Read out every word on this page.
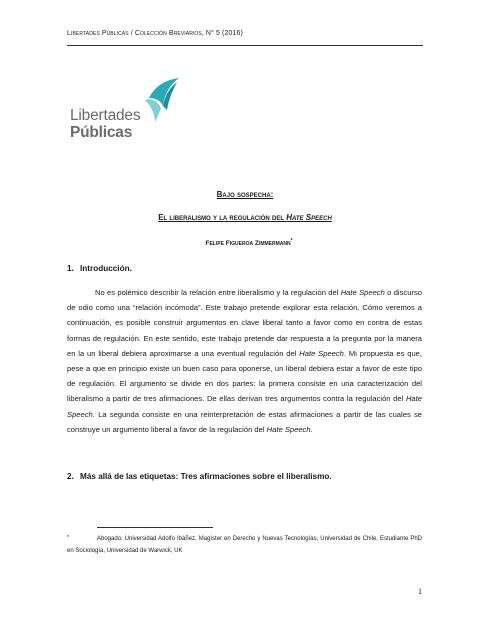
Libertades Públicas / Colección Breviarios, N° 5 (2016)
Libertades
Públicas
Bajo sospecha:
El liberalismo y la regulación del Hate Speech
Felipe Figueroa Zimmermann*
1. Introducción.

No es polémico describir la relación entre liberalismo y la regulación del Hate Speech o discurso de odio como una “relación incómoda”. Este trabajo pretende explorar esta relación. Cómo veremos a continuación, es posible construir argumentos en clave liberal tanto a favor como en contra de estas formas de regulación. En este sentido, este trabajo pretende dar respuesta a la pregunta por la manera en la un liberal debiera aproximarse a una eventual regulación del Hate Speech. Mi propuesta es que, pese a que en principio existe un buen caso para oponerse, un liberal debiera estar a favor de este tipo de regulación. El argumento se divide en dos partes: la primera consiste en una caracterización del liberalismo a partir de tres afirmaciones. De ellas derivan tres argumentos contra la regulación del Hate Speech. La segunda consiste en una reinterpretación de estas afirmaciones a partir de las cuales se construye un argumento liberal a favor de la regulación del Hate Speech.

2. Más allá de las etiquetas: Tres afirmaciones sobre el liberalismo.

*	Abogado, Universidad Adolfo Ibáñez, Magíster en Derecho y Nuevas Tecnologías, Universidad de Chile, Estudiante PhD en Sociología, Universidad de Warwick, UK

1
